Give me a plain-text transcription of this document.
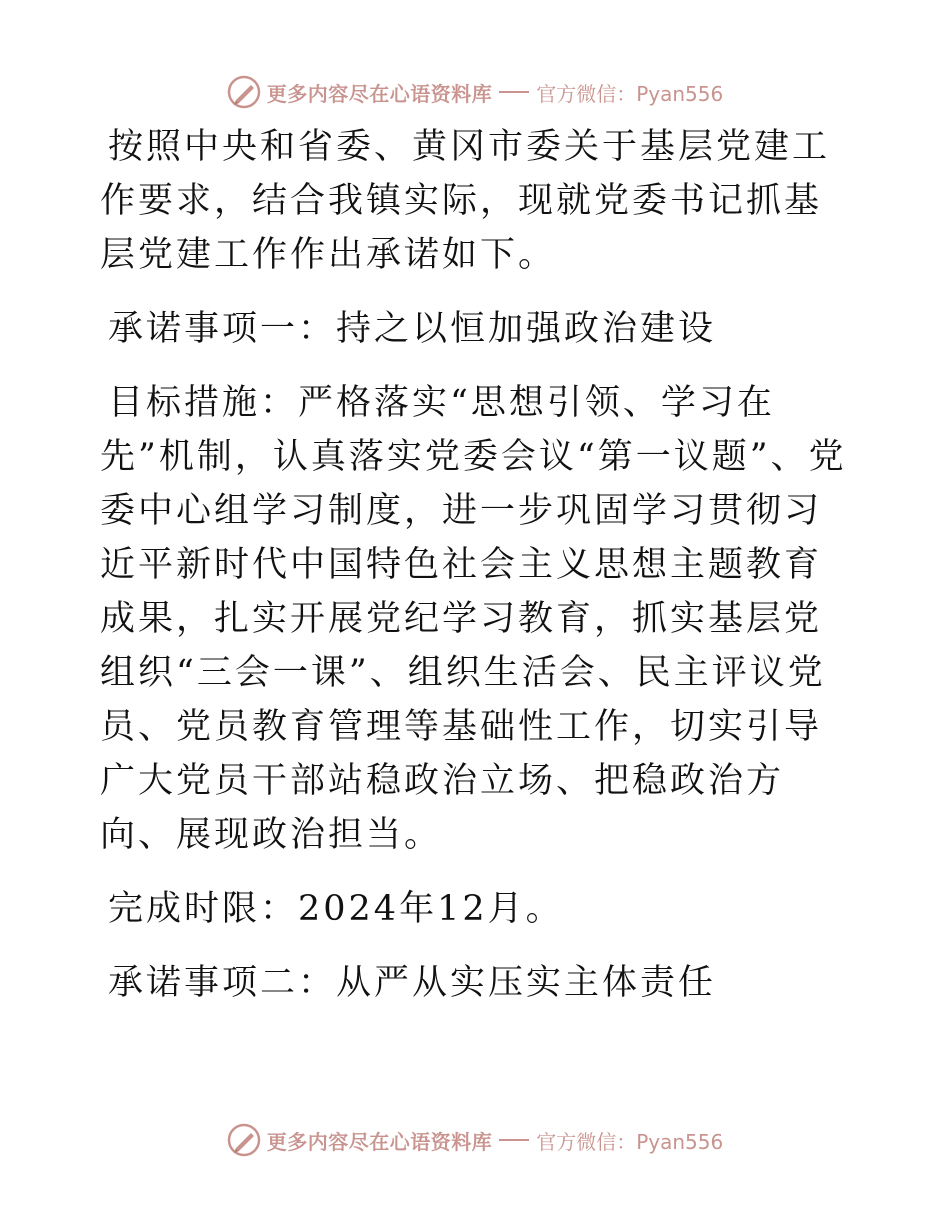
更多内容尽在心语资料库 官方微信：Pyan556

按照中央和省委、黄冈市委关于基层党建工作要求，结合我镇实际，现就党委书记抓基层党建工作作出承诺如下。

承诺事项一：持之以恒加强政治建设

目标措施：严格落实“思想引领、学习在先”机制，认真落实党委会议“第一议题”、党委中心组学习制度，进一步巩固学习贯彻习近平新时代中国特色社会主义思想主题教育成果，扎实开展党纪学习教育，抓实基层党组织“三会一课”、组织生活会、民主评议党员、党员教育管理等基础性工作，切实引导广大党员干部站稳政治立场、把稳政治方向、展现政治担当。

完成时限：2024年12月。

承诺事项二：从严从实压实主体责任

更多内容尽在心语资料库 官方微信：Pyan556
